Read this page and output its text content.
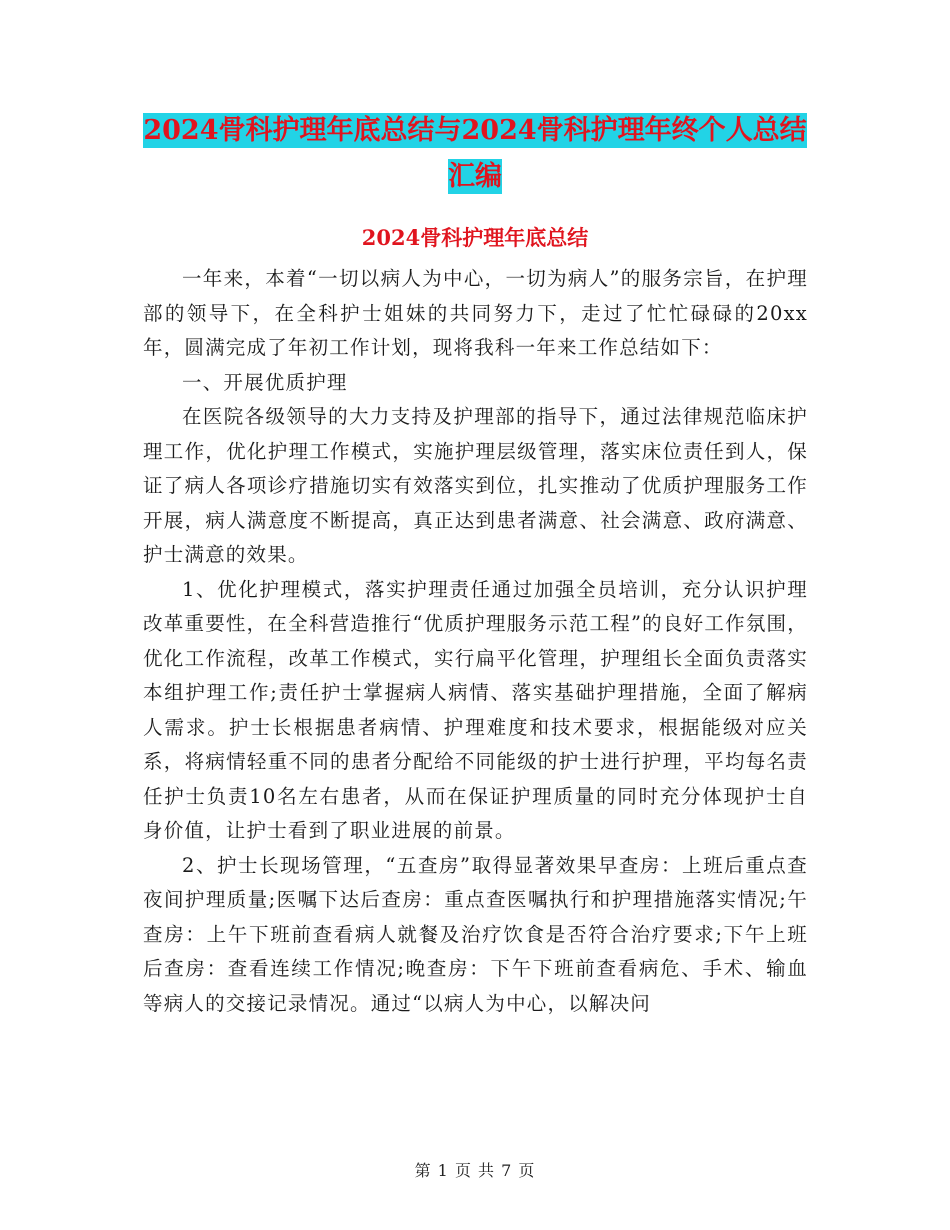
2024骨科护理年底总结与2024骨科护理年终个人总结
汇编
2024骨科护理年底总结

一年来，本着“一切以病人为中心，一切为病人”的服务宗旨，在护理部的领导下，在全科护士姐妹的共同努力下，走过了忙忙碌碌的20xx年，圆满完成了年初工作计划，现将我科一年来工作总结如下：

一、开展优质护理

在医院各级领导的大力支持及护理部的指导下，通过法律规范临床护理工作，优化护理工作模式，实施护理层级管理，落实床位责任到人，保证了病人各项诊疗措施切实有效落实到位，扎实推动了优质护理服务工作开展，病人满意度不断提高，真正达到患者满意、社会满意、政府满意、护士满意的效果。

1、优化护理模式，落实护理责任通过加强全员培训，充分认识护理改革重要性，在全科营造推行“优质护理服务示范工程”的良好工作氛围，优化工作流程，改革工作模式，实行扁平化管理，护理组长全面负责落实本组护理工作;责任护士掌握病人病情、落实基础护理措施，全面了解病人需求。护士长根据患者病情、护理难度和技术要求，根据能级对应关系，将病情轻重不同的患者分配给不同能级的护士进行护理，平均每名责任护士负责10名左右患者，从而在保证护理质量的同时充分体现护士自身价值，让护士看到了职业进展的前景。

2、护士长现场管理，“五查房”取得显著效果早查房：上班后重点查夜间护理质量;医嘱下达后查房：重点查医嘱执行和护理措施落实情况;午查房：上午下班前查看病人就餐及治疗饮食是否符合治疗要求;下午上班后查房：查看连续工作情况;晚查房：下午下班前查看病危、手术、输血等病人的交接记录情况。通过“以病人为中心，以解决问

第 1 页 共 7 页
